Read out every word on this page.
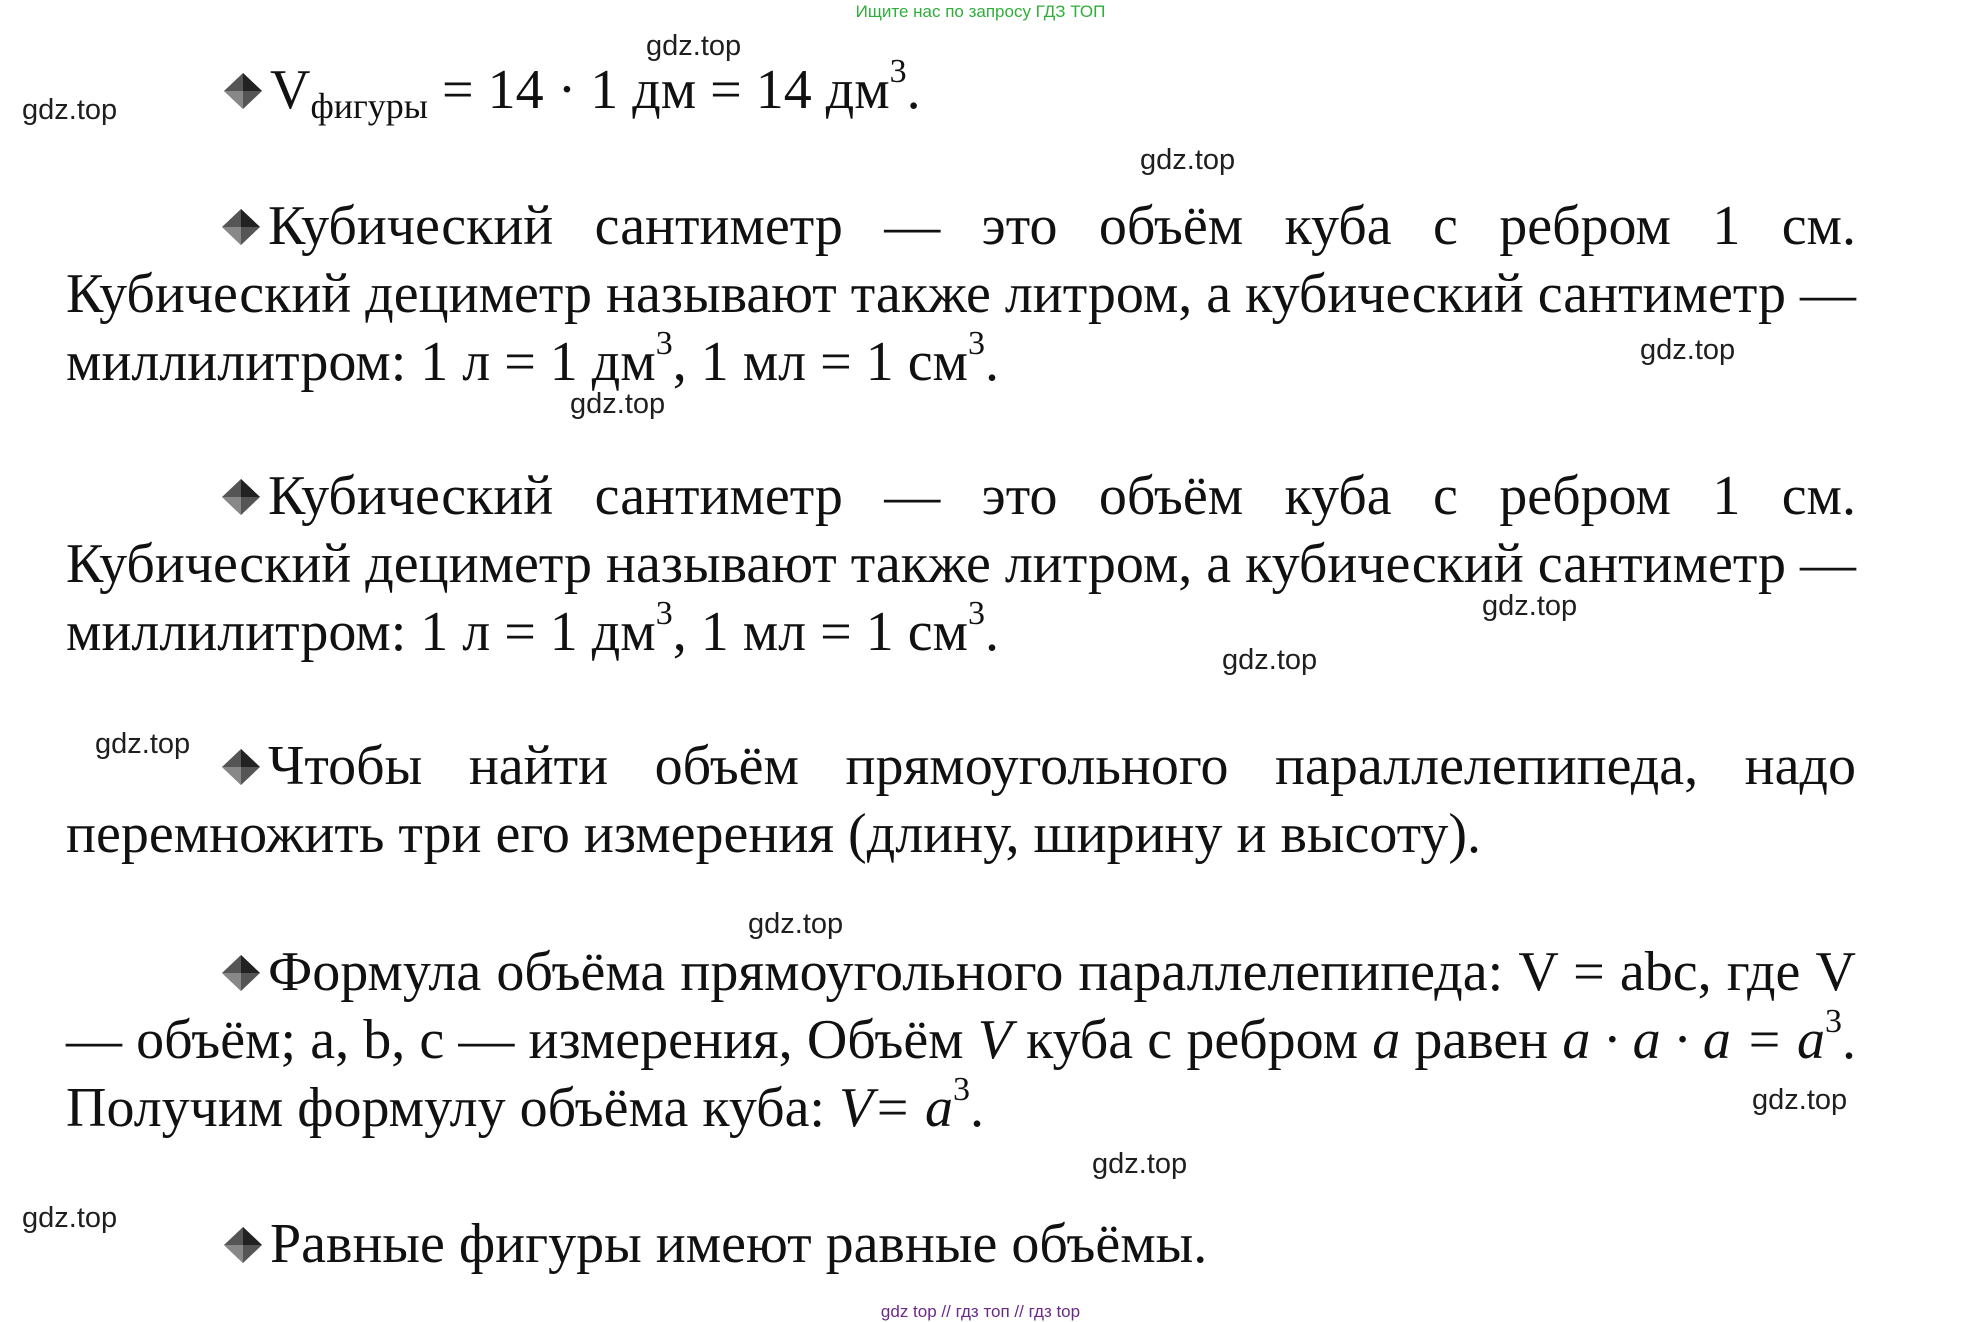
Ищите нас по запросу ГДЗ ТОП
gdz.top
gdz.top
gdz.top
gdz.top
gdz.top
gdz.top
gdz.top
gdz.top
gdz.top
gdz.top
gdz.top
gdz.top
$V_{фигуры} = 14 \cdot 1$ дм = 14 $дм^3$.
Кубический сантиметр — это объём куба с ребром 1 см. Кубический дециметр называют также литром, а кубический сантиметр — миллилитром: 1 л = 1 $дм^3$, 1 мл = 1 $см^3$.
Кубический сантиметр — это объём куба с ребром 1 см. Кубический дециметр называют также литром, а кубический сантиметр — миллилитром: 1 л = 1 $дм^3$, 1 мл = 1 $см^3$.
Чтобы найти объём прямоугольного параллелепипеда, надо перемножить три его измерения (длину, ширину и высоту).
Формула объёма прямоугольного параллелепипеда: V = abc, где V — объём; a, b, c — измерения, Объём V куба с ребром a равен $a \cdot a \cdot a = a^3$. Получим формулу объёма куба: $V= a^3$.
Равные фигуры имеют равные объёмы.
gdz top // гдз топ // гдз top
